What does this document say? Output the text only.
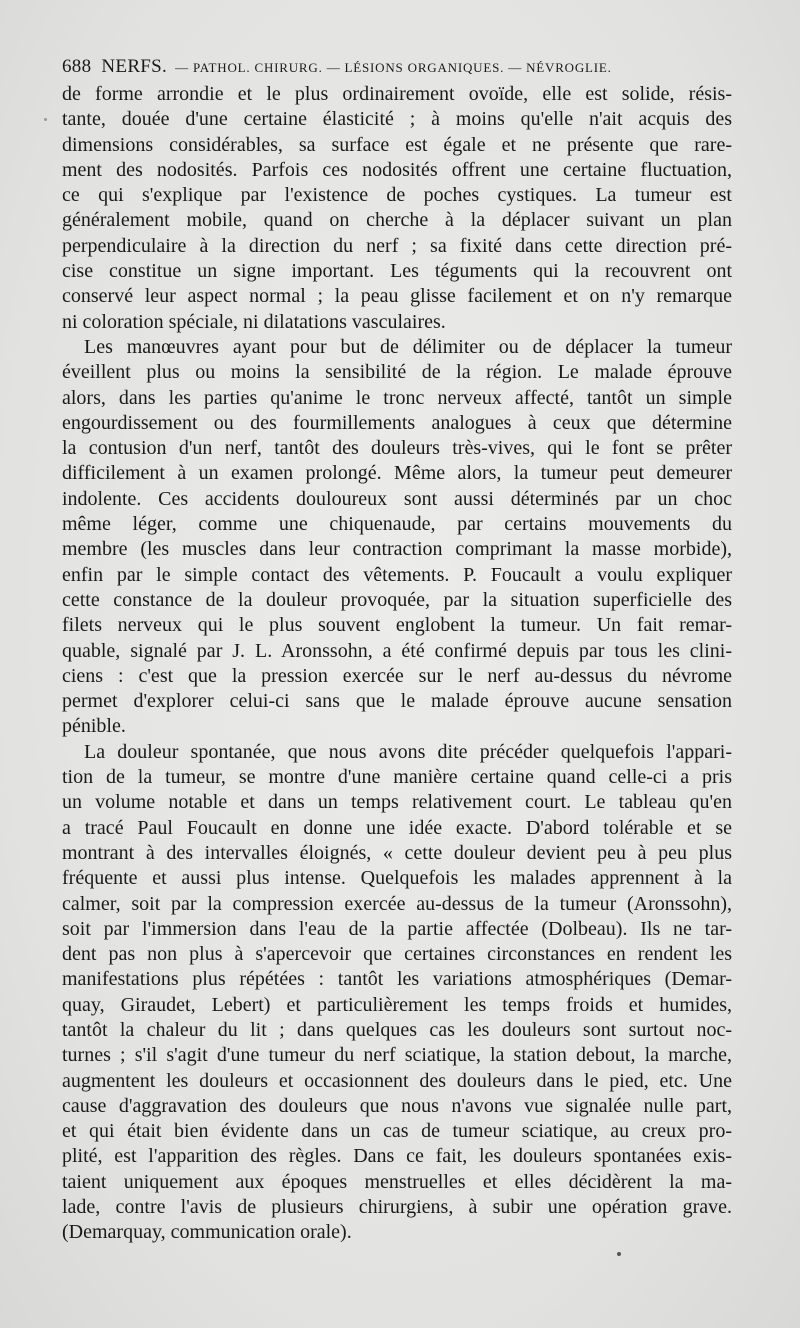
688 NERFS. — PATHOL. CHIRURG. — LÉSIONS ORGANIQUES. — NÉVROGLIE.
de forme arrondie et le plus ordinairement ovoïde, elle est solide, résis-
tante, douée d'une certaine élasticité ; à moins qu'elle n'ait acquis des
dimensions considérables, sa surface est égale et ne présente que rare-
ment des nodosités. Parfois ces nodosités offrent une certaine fluctuation,
ce qui s'explique par l'existence de poches cystiques. La tumeur est
généralement mobile, quand on cherche à la déplacer suivant un plan
perpendiculaire à la direction du nerf ; sa fixité dans cette direction pré-
cise constitue un signe important. Les téguments qui la recouvrent ont
conservé leur aspect normal ; la peau glisse facilement et on n'y remarque
ni coloration spéciale, ni dilatations vasculaires.
Les manœuvres ayant pour but de délimiter ou de déplacer la tumeur
éveillent plus ou moins la sensibilité de la région. Le malade éprouve
alors, dans les parties qu'anime le tronc nerveux affecté, tantôt un simple
engourdissement ou des fourmillements analogues à ceux que détermine
la contusion d'un nerf, tantôt des douleurs très-vives, qui le font se prêter
difficilement à un examen prolongé. Même alors, la tumeur peut demeurer
indolente. Ces accidents douloureux sont aussi déterminés par un choc
même léger, comme une chiquenaude, par certains mouvements du
membre (les muscles dans leur contraction comprimant la masse morbide),
enfin par le simple contact des vêtements. P. Foucault a voulu expliquer
cette constance de la douleur provoquée, par la situation superficielle des
filets nerveux qui le plus souvent englobent la tumeur. Un fait remar-
quable, signalé par J. L. Aronssohn, a été confirmé depuis par tous les clini-
ciens : c'est que la pression exercée sur le nerf au-dessus du névrome
permet d'explorer celui-ci sans que le malade éprouve aucune sensation
pénible.
La douleur spontanée, que nous avons dite précéder quelquefois l'appari-
tion de la tumeur, se montre d'une manière certaine quand celle-ci a pris
un volume notable et dans un temps relativement court. Le tableau qu'en
a tracé Paul Foucault en donne une idée exacte. D'abord tolérable et se
montrant à des intervalles éloignés, « cette douleur devient peu à peu plus
fréquente et aussi plus intense. Quelquefois les malades apprennent à la
calmer, soit par la compression exercée au-dessus de la tumeur (Aronssohn),
soit par l'immersion dans l'eau de la partie affectée (Dolbeau). Ils ne tar-
dent pas non plus à s'apercevoir que certaines circonstances en rendent les
manifestations plus répétées : tantôt les variations atmosphériques (Demar-
quay, Giraudet, Lebert) et particulièrement les temps froids et humides,
tantôt la chaleur du lit ; dans quelques cas les douleurs sont surtout noc-
turnes ; s'il s'agit d'une tumeur du nerf sciatique, la station debout, la marche,
augmentent les douleurs et occasionnent des douleurs dans le pied, etc. Une
cause d'aggravation des douleurs que nous n'avons vue signalée nulle part,
et qui était bien évidente dans un cas de tumeur sciatique, au creux pro-
plité, est l'apparition des règles. Dans ce fait, les douleurs spontanées exis-
taient uniquement aux époques menstruelles et elles décidèrent la ma-
lade, contre l'avis de plusieurs chirurgiens, à subir une opération grave.
(Demarquay, communication orale).
